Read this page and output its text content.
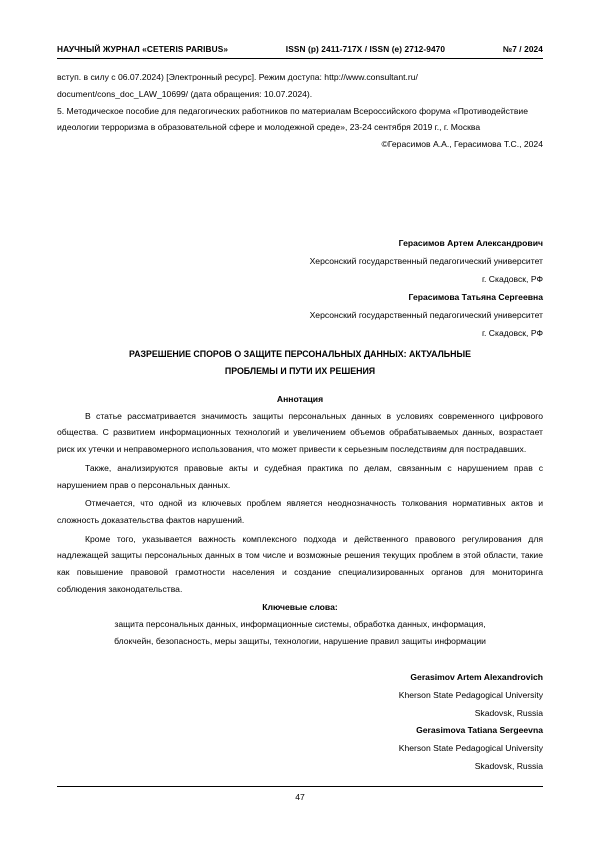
НАУЧНЫЙ ЖУРНАЛ «CETERIS PARIBUS»	ISSN (p) 2411-717X / ISSN (e) 2712-9470	№7 / 2024

вступ. в силу с 06.07.2024) [Электронный ресурс]. Режим доступа: http://www.consultant.ru/

document/cons_doc_LAW_10699/ (дата обращения: 10.07.2024).

5. Методическое пособие для педагогических работников по материалам Всероссийского форума «Противодействие идеологии терроризма в образовательной сфере и молодежной среде», 23-24 сентября 2019 г., г. Москва

©Герасимов А.А., Герасимова Т.С., 2024

Герасимов Артем Александрович
Херсонский государственный педагогический университет
г. Скадовск, РФ
Герасимова Татьяна Сергеевна
Херсонский государственный педагогический университет
г. Скадовск, РФ
РАЗРЕШЕНИЕ СПОРОВ О ЗАЩИТЕ ПЕРСОНАЛЬНЫХ ДАННЫХ: АКТУАЛЬНЫЕ
ПРОБЛЕМЫ И ПУТИ ИХ РЕШЕНИЯ
Аннотация

В статье рассматривается значимость защиты персональных данных в условиях современного цифрового общества. С развитием информационных технологий и увеличением объемов обрабатываемых данных, возрастает риск их утечки и неправомерного использования, что может привести к серьезным последствиям для пострадавших.

Также, анализируются правовые акты и судебная практика по делам, связанным с нарушением прав с нарушением прав о персональных данных.

Отмечается, что одной из ключевых проблем является неоднозначность толкования нормативных актов и сложность доказательства фактов нарушений.

Кроме того, указывается важность комплексного подхода и действенного правового регулирования для надлежащей защиты персональных данных в том числе и возможные решения текущих проблем в этой области, такие как повышение правовой грамотности населения и создание специализированных органов для мониторинга соблюдения законодательства.

Ключевые слова:
защита персональных данных, информационные системы, обработка данных, информация,
блокчейн, безопасность, меры защиты, технологии, нарушение правил защиты информации
Gerasimov Artem Alexandrovich
Kherson State Pedagogical University
Skadovsk, Russia
Gerasimova Tatiana Sergeevna
Kherson State Pedagogical University
Skadovsk, Russia
47
